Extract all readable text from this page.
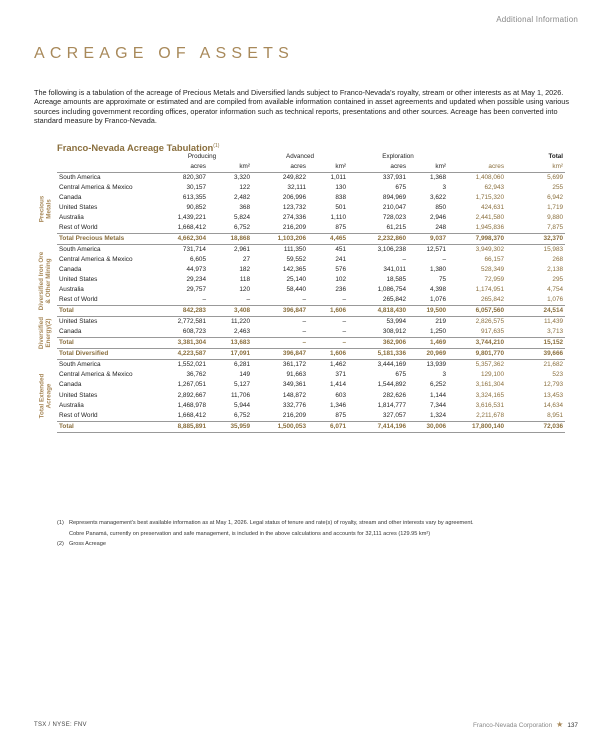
Additional Information
ACREAGE OF ASSETS

The following is a tabulation of the acreage of Precious Metals and Diversified lands subject to Franco-Nevada's royalty, stream or other interests as at May 1, 2026. Acreage amounts are approximate or estimated and are compiled from available information contained in asset agreements and updated when possible using various sources including government recording offices, operator information such as technical reports, presentations and other sources. Acreage has been converted into standard measure by Franco-Nevada.

Franco-Nevada Acreage Tabulation$^{(1)}$
	Producing		Advanced		Exploration		Total	
	acres	km²	acres	km²	acres	km²	acres	km²
South America	820,307	3,320	249,822	1,011	337,931	1,368	1,408,060	5,699
Central America & Mexico	30,157	122	32,111	130	675	3	62,943	255
Canada	613,355	2,482	206,996	838	894,969	3,622	1,715,320	6,942
United States	90,852	368	123,732	501	210,047	850	424,631	1,719
Australia	1,439,221	5,824	274,336	1,110	728,023	2,946	2,441,580	9,880
Rest of World	1,668,412	6,752	216,209	875	61,215	248	1,945,836	7,875
Total Precious Metals	4,662,304	18,868	1,103,206	4,465	2,232,860	9,037	7,998,370	32,370
South America	731,714	2,961	111,350	451	3,106,238	12,571	3,949,302	15,983
Central America & Mexico	6,605	27	59,552	241	–	–	66,157	268
Canada	44,973	182	142,365	576	341,011	1,380	528,349	2,138
United States	29,234	118	25,140	102	18,585	75	72,959	295
Australia	29,757	120	58,440	236	1,086,754	4,398	1,174,951	4,754
Rest of World	–	–	–	–	265,842	1,076	265,842	1,076
Total	842,283	3,408	396,847	1,606	4,818,430	19,500	6,057,560	24,514
United States	2,772,581	11,220	–	–	53,994	219	2,826,575	11,439
Canada	608,723	2,463	–	–	308,912	1,250	917,635	3,713
Total	3,381,304	13,683	–	–	362,906	1,469	3,744,210	15,152
Total Diversified	4,223,587	17,091	396,847	1,606	5,181,336	20,969	9,801,770	39,666
South America	1,552,021	6,281	361,172	1,462	3,444,169	13,939	5,357,362	21,682
Central America & Mexico	36,762	149	91,663	371	675	3	129,100	523
Canada	1,267,051	5,127	349,361	1,414	1,544,892	6,252	3,161,304	12,793
United States	2,892,667	11,706	148,872	603	282,626	1,144	3,324,165	13,453
Australia	1,468,978	5,944	332,776	1,346	1,814,777	7,344	3,616,531	14,634
Rest of World	1,668,412	6,752	216,209	875	327,057	1,324	2,211,678	8,951
Total	8,885,891	35,959	1,500,053	6,071	7,414,196	30,006	17,800,140	72,036
Precious Metals
Diversified Iron Ore & Other Mining
Diversified Energy(2)
Total Extended Acreage
(1) Represents management's best available information as at May 1, 2026. Legal status of tenure and rate(s) of royalty, stream and other interests vary by agreement.
Cobre Panamá, currently on preservation and safe management, is included in the above calculations and accounts for 32,111 acres (129.95 km²)
(2) Gross Acreage
TSX / NYSE: FNV	Franco-Nevada Corporation ★ 137
